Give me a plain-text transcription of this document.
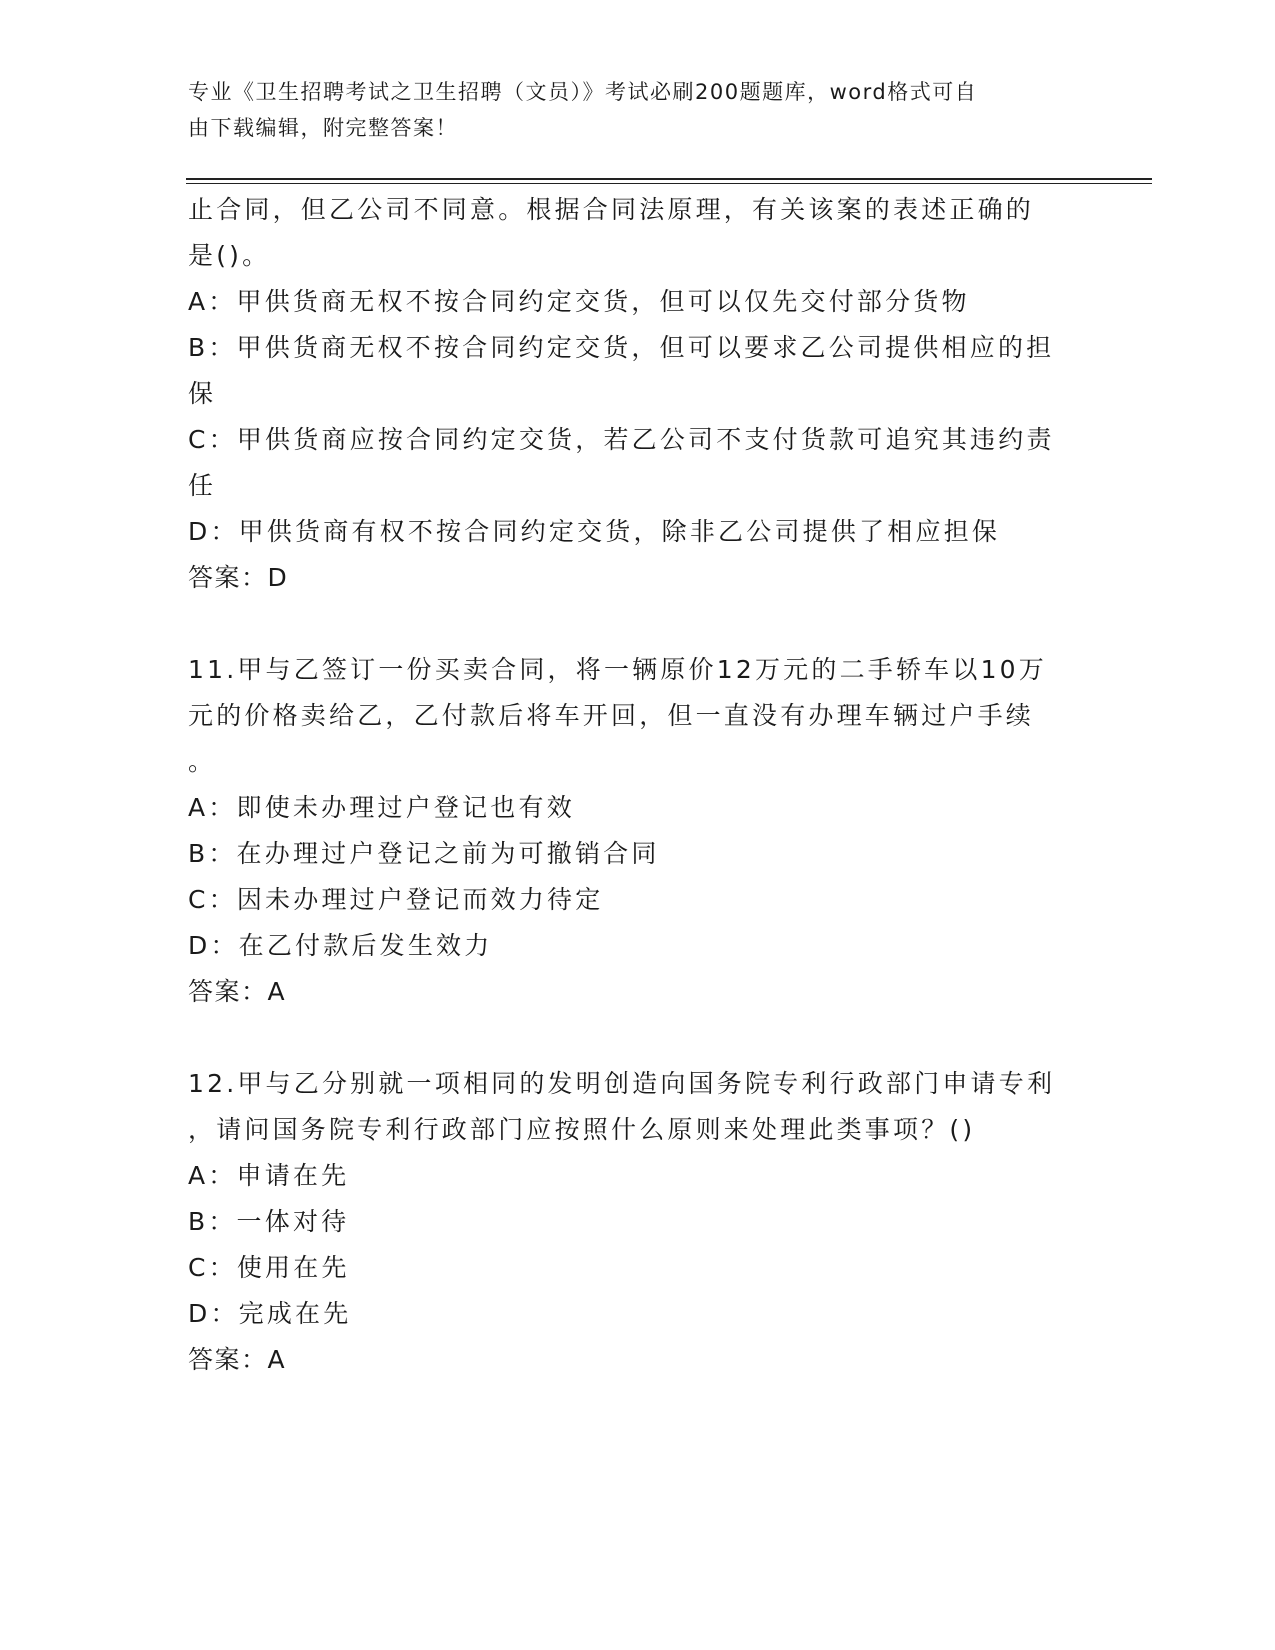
专业《卫生招聘考试之卫生招聘（文员）》考试必刷200题题库，word格式可自
由下载编辑，附完整答案！
止合同，但乙公司不同意。根据合同法原理，有关该案的表述正确的
是()。
A：甲供货商无权不按合同约定交货，但可以仅先交付部分货物
B：甲供货商无权不按合同约定交货，但可以要求乙公司提供相应的担
保
C：甲供货商应按合同约定交货，若乙公司不支付货款可追究其违约责
任
D：甲供货商有权不按合同约定交货，除非乙公司提供了相应担保
答案：D
11.甲与乙签订一份买卖合同，将一辆原价12万元的二手轿车以10万
元的价格卖给乙，乙付款后将车开回，但一直没有办理车辆过户手续
。
A：即使未办理过户登记也有效
B：在办理过户登记之前为可撤销合同
C：因未办理过户登记而效力待定
D：在乙付款后发生效力
答案：A
12.甲与乙分别就一项相同的发明创造向国务院专利行政部门申请专利
，请问国务院专利行政部门应按照什么原则来处理此类事项？()
A：申请在先
B：一体对待
C：使用在先
D：完成在先
答案：A
